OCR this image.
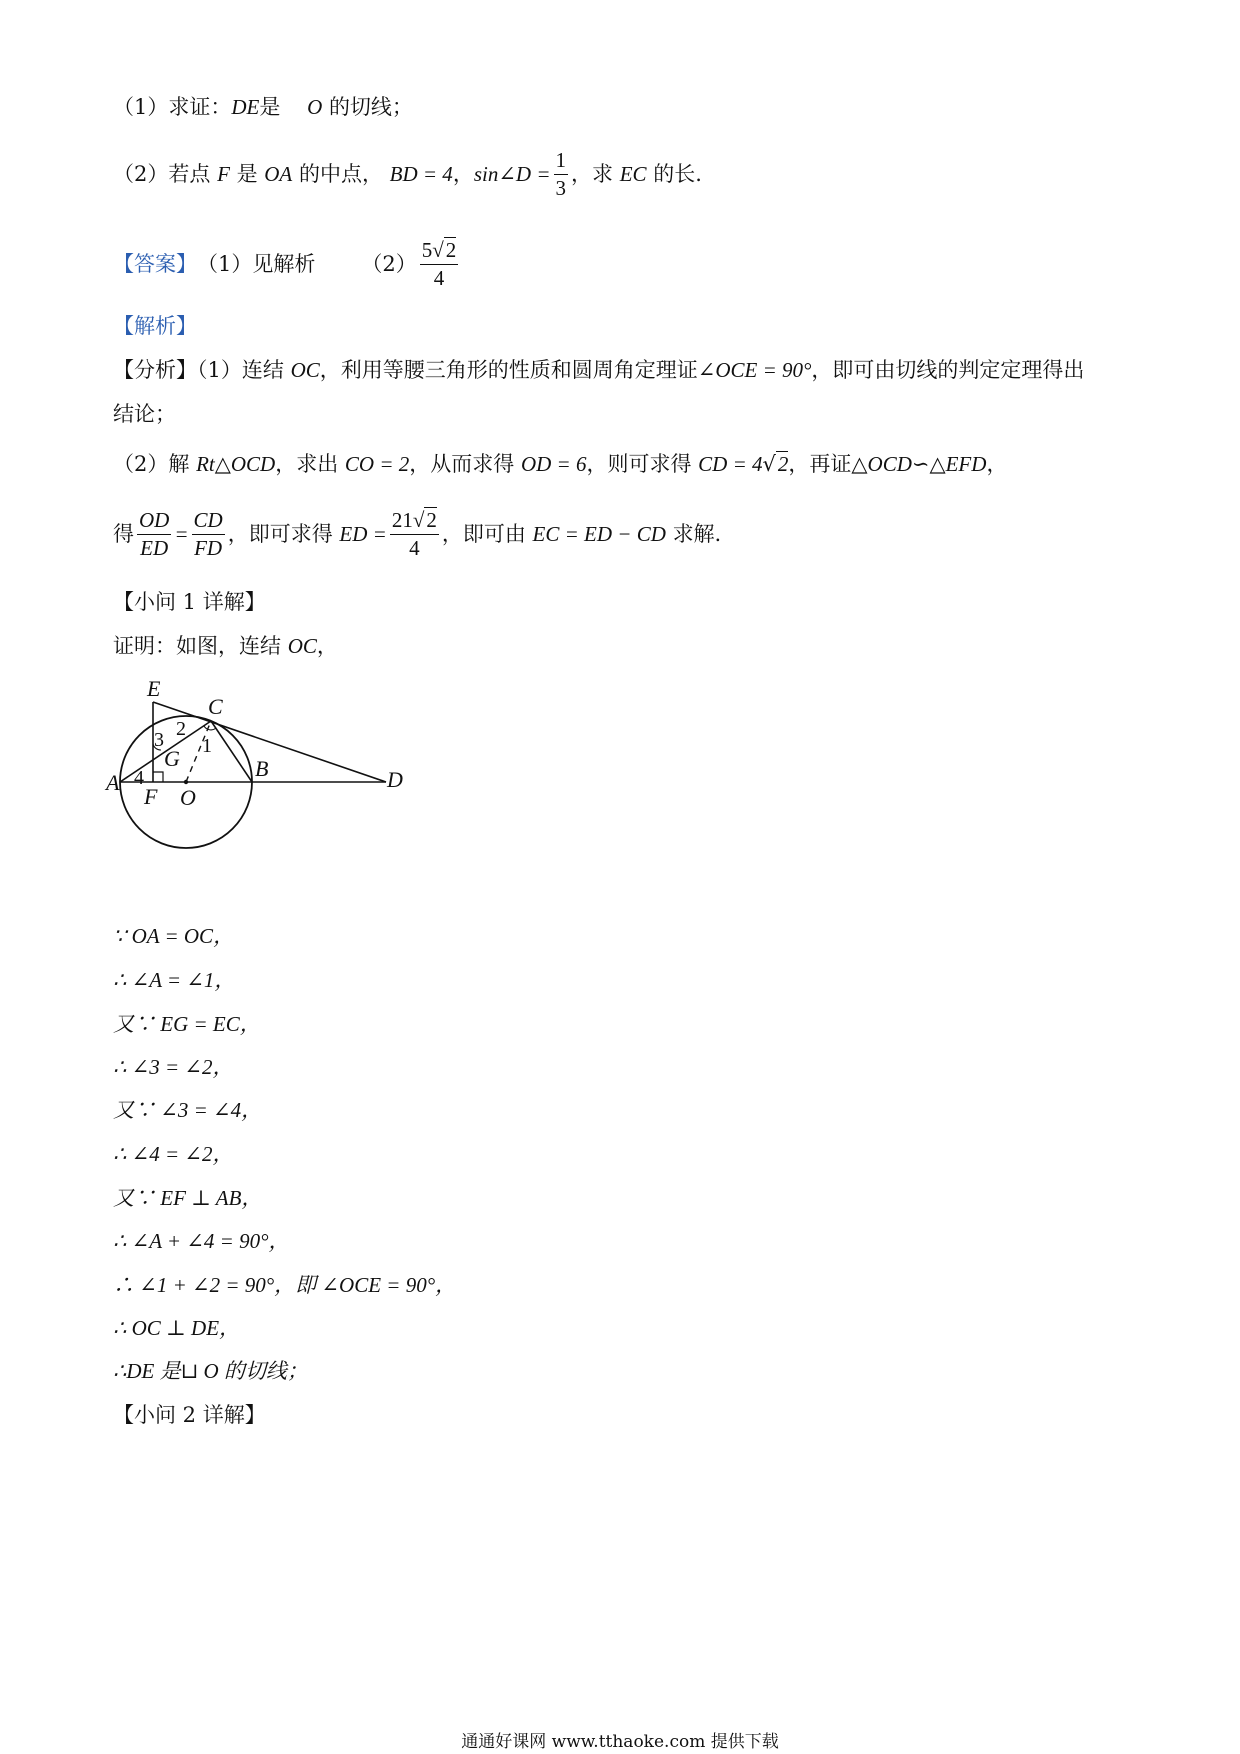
（1）求证：DE是 O 的切线；
（2）若点
F
是
OA
的中点，
BD = 4 ， sin∠D = $\frac{1}{3}$ ，求
EC
的长.
【答案】 （1）见解析 $(2) \frac{5√2}{4}$
【解析】
【分析】（1）连结 OC，利用等腰三角形的性质和圆周角定理证∠OCE = 90°，即可由切线的判定定理得出
结论；
（2）解 Rt△OCD，求出 CO = 2，从而求得 OD = 6，则可求得 CD = 4√2，再证△OCD∽△EFD，
得 $\frac{OD}{ED} = \frac{CD}{FD}$ ，即可求得
ED = $\frac{21√2}{4}$ ，即可由
EC = ED − CD
求解.
【小问 1 详解】
证明：如图，连结 OC，
E
C
2
1
3
G
4
A
F O
B	D
∵ OA = OC，
∴ ∠A = ∠1，
又∵ EG = EC，
∴ ∠3 = ∠2，
又∵ ∠3 = ∠4，
∴ ∠4 = ∠2，
又∵ EF ⊥ AB，
∴ ∠A + ∠4 = 90°，
∴ ∠1 + ∠2 = 90°，即 ∠OCE = 90°，
∴ OC ⊥ DE，
∴DE 是⊔ O 的切线；
【小问 2 详解】
通通好课网 www.tthaoke.com 提供下载
